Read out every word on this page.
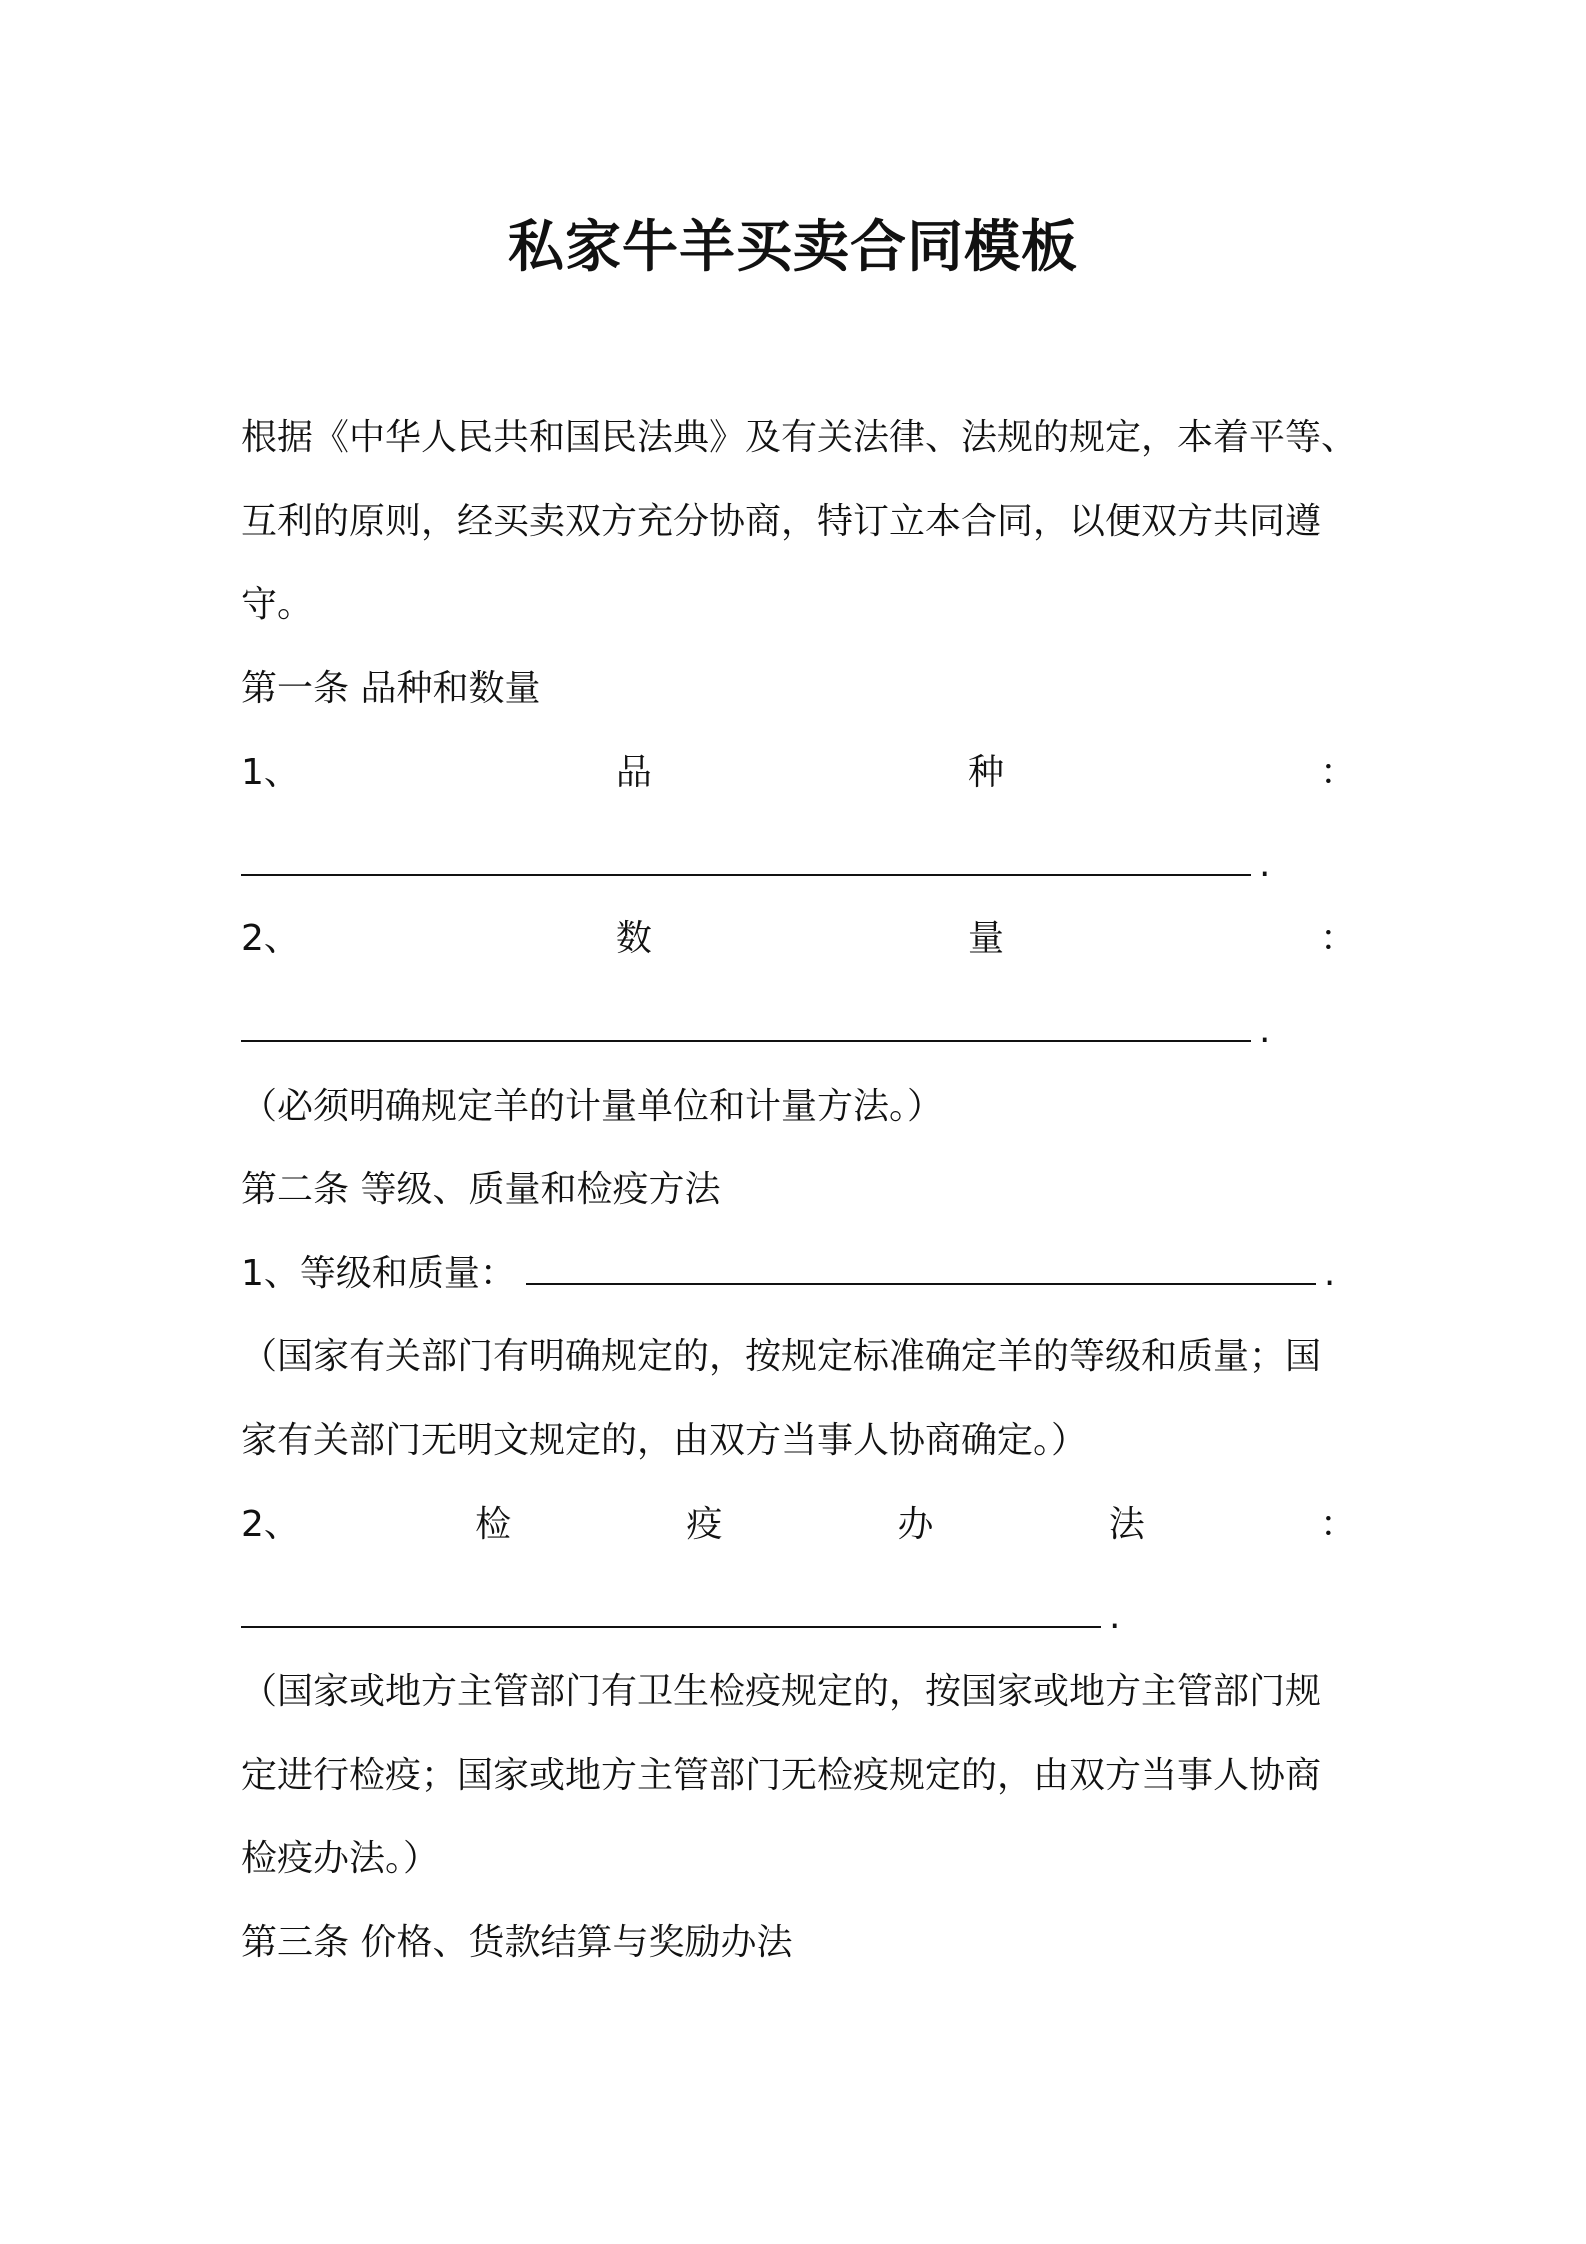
私家牛羊买卖合同模板
根据《中华人民共和国民法典》及有关法律、法规的规定，本着平等、
互利的原则，经买卖双方充分协商，特订立本合同，以便双方共同遵
守。
第一条 品种和数量
1、	品	种	：
.
2、	数	量	：
.
（必须明确规定羊的计量单位和计量方法。）
第二条 等级、质量和检疫方法
1、等级和质量：	.
（国家有关部门有明确规定的，按规定标准确定羊的等级和质量；国
家有关部门无明文规定的，由双方当事人协商确定。）
2、	检	疫	办	法	：
.
（国家或地方主管部门有卫生检疫规定的，按国家或地方主管部门规
定进行检疫；国家或地方主管部门无检疫规定的，由双方当事人协商
检疫办法。）
第三条 价格、货款结算与奖励办法
